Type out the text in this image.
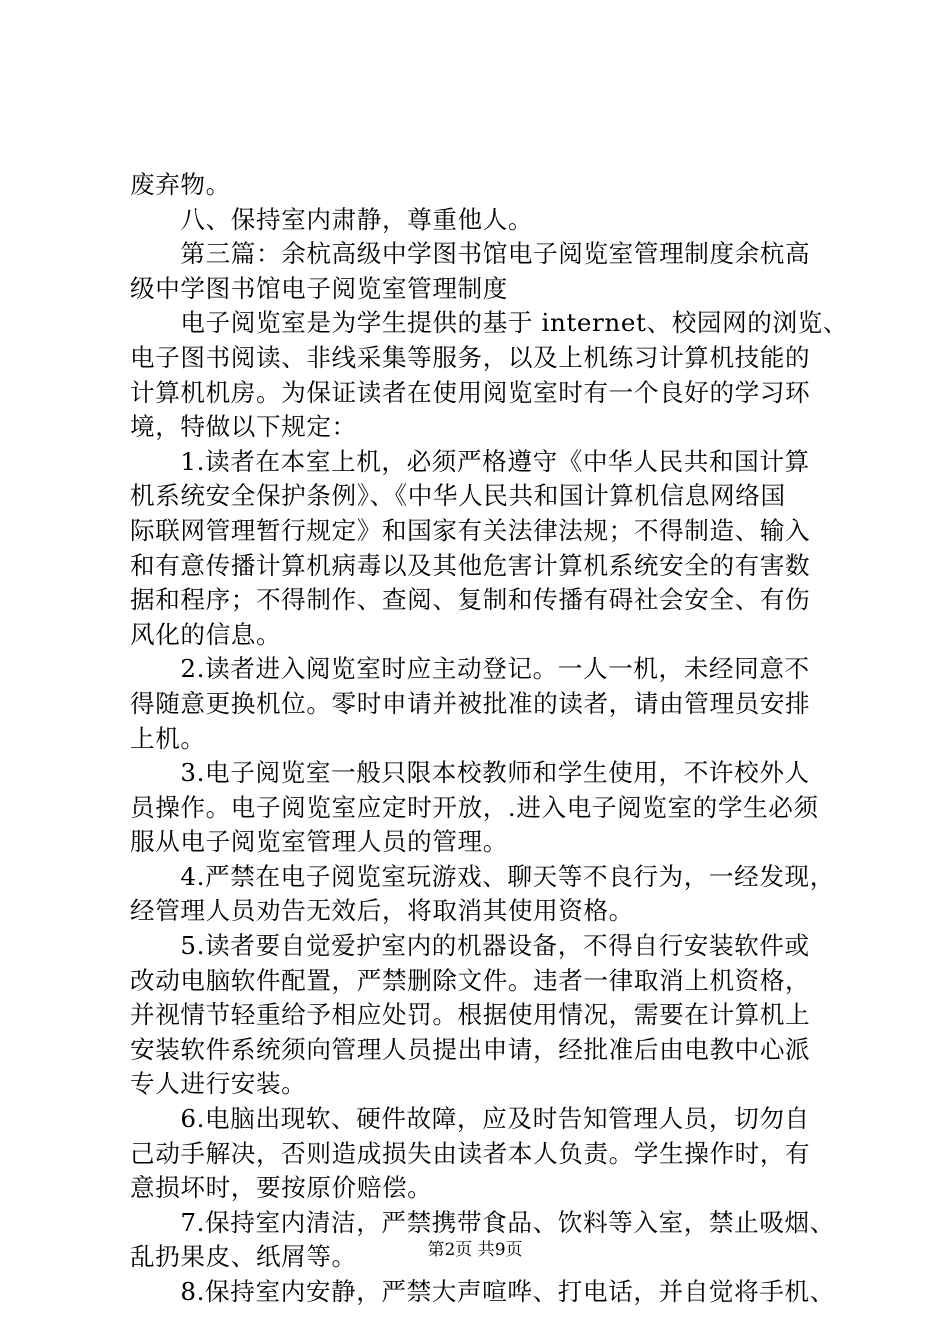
废弃物。
　　八、保持室内肃静，尊重他人。
　　第三篇：余杭高级中学图书馆电子阅览室管理制度余杭高
级中学图书馆电子阅览室管理制度
　　电子阅览室是为学生提供的基于 internet、校园网的浏览、
电子图书阅读、非线采集等服务，以及上机练习计算机技能的
计算机机房。为保证读者在使用阅览室时有一个良好的学习环
境，特做以下规定：
　　1.读者在本室上机，必须严格遵守《中华人民共和国计算
机系统安全保护条例》、《中华人民共和国计算机信息网络国
际联网管理暂行规定》和国家有关法律法规；不得制造、输入
和有意传播计算机病毒以及其他危害计算机系统安全的有害数
据和程序；不得制作、查阅、复制和传播有碍社会安全、有伤
风化的信息。
　　2.读者进入阅览室时应主动登记。一人一机，未经同意不
得随意更换机位。零时申请并被批准的读者，请由管理员安排
上机。
　　3.电子阅览室一般只限本校教师和学生使用，不许校外人
员操作。电子阅览室应定时开放，.进入电子阅览室的学生必须
服从电子阅览室管理人员的管理。
　　4.严禁在电子阅览室玩游戏、聊天等不良行为，一经发现，
经管理人员劝告无效后，将取消其使用资格。
　　5.读者要自觉爱护室内的机器设备，不得自行安装软件或
改动电脑软件配置，严禁删除文件。违者一律取消上机资格，
并视情节轻重给予相应处罚。根据使用情况，需要在计算机上
安装软件系统须向管理人员提出申请，经批准后由电教中心派
专人进行安装。
　　6.电脑出现软、硬件故障，应及时告知管理人员，切勿自
己动手解决，否则造成损失由读者本人负责。学生操作时，有
意损坏时，要按原价赔偿。
　　7.保持室内清洁，严禁携带食品、饮料等入室，禁止吸烟、
乱扔果皮、纸屑等。
　　8.保持室内安静，严禁大声喧哗、打电话，并自觉将手机、
第2页 共9页
